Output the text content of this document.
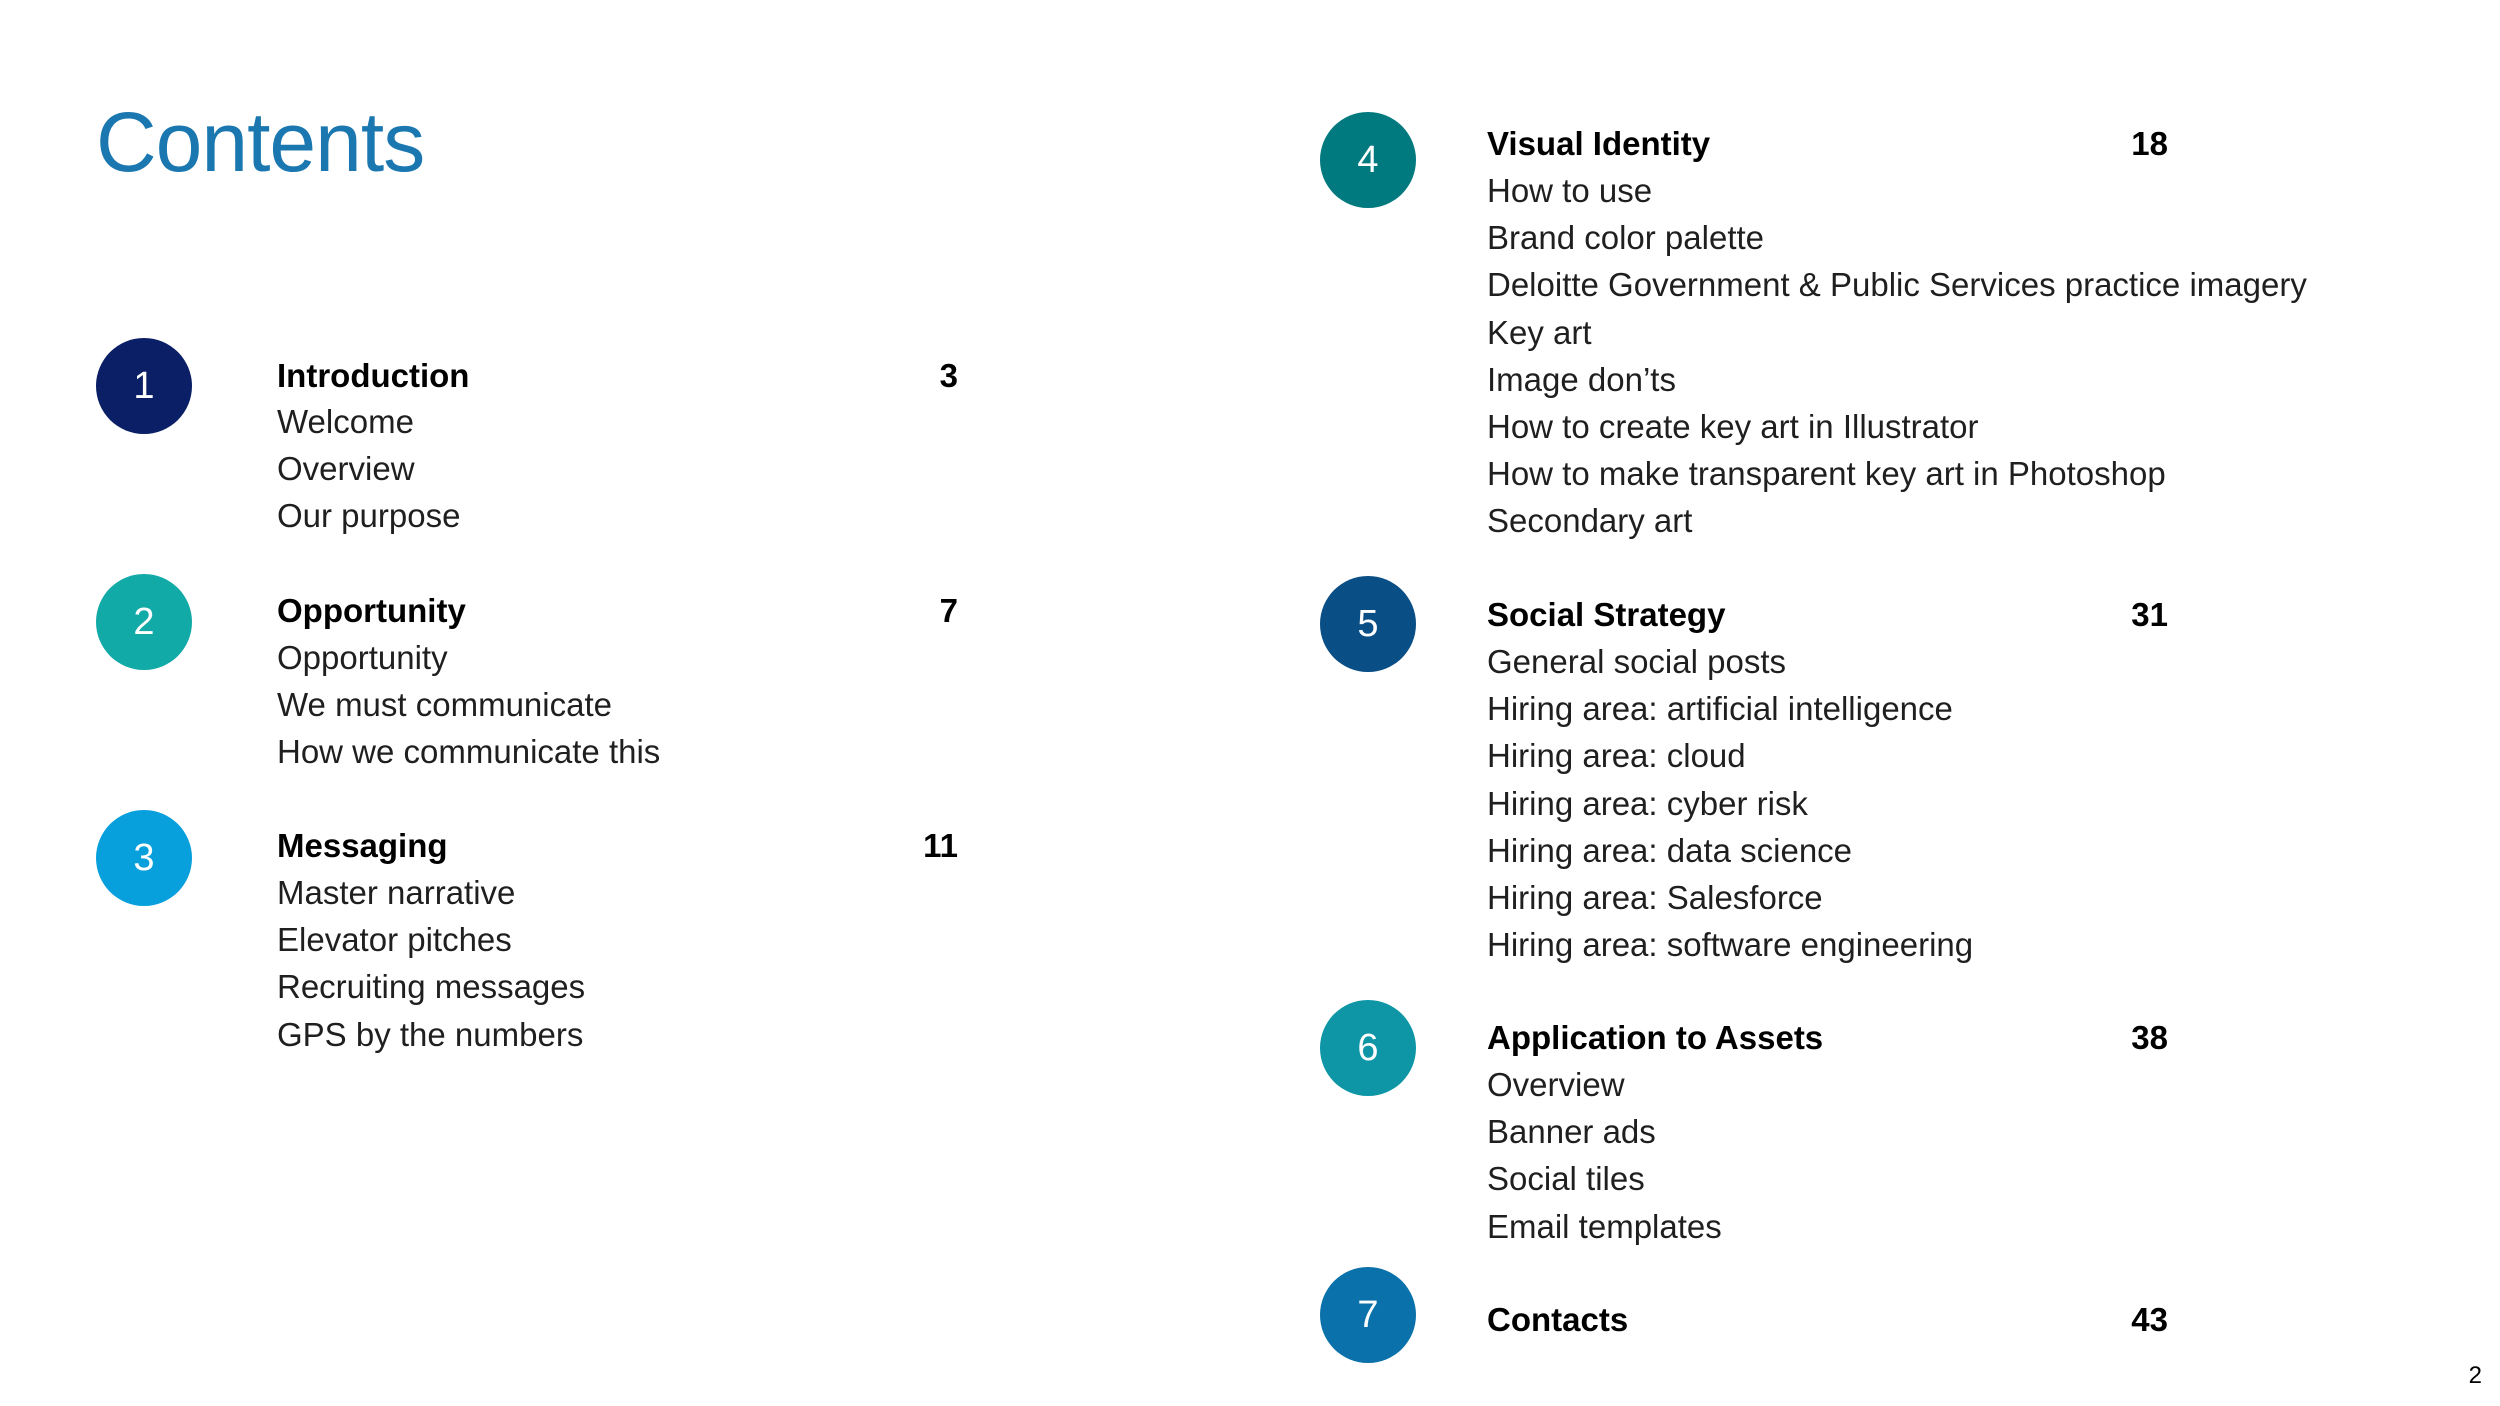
Contents
1	Introduction	3
Welcome
Overview
Our purpose
2	Opportunity	7
Opportunity
We must communicate
How we communicate this
3	Messaging	11
Master narrative
Elevator pitches
Recruiting messages
GPS by the numbers
4	Visual Identity	18
How to use
Brand color palette
Deloitte Government & Public Services practice imagery
Key art
Image don’ts
How to create key art in Illustrator
How to make transparent key art in Photoshop
Secondary art
5	Social Strategy	31
General social posts
Hiring area: artificial intelligence
Hiring area: cloud
Hiring area: cyber risk
Hiring area: data science
Hiring area: Salesforce
Hiring area: software engineering
6	Application to Assets	38
Overview
Banner ads
Social tiles
Email templates
7	Contacts	43
2
